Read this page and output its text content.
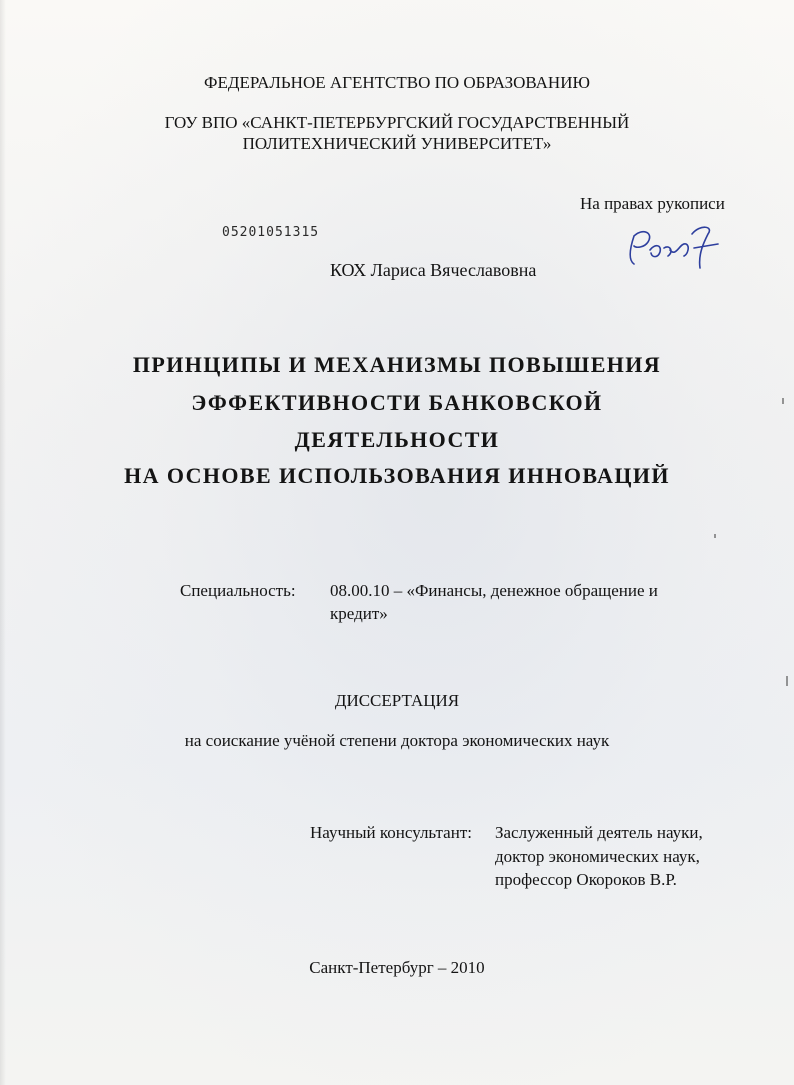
ФЕДЕРАЛЬНОЕ АГЕНТСТВО ПО ОБРАЗОВАНИЮ
ГОУ ВПО «САНКТ-ПЕТЕРБУРГСКИЙ ГОСУДАРСТВЕННЫЙ
ПОЛИТЕХНИЧЕСКИЙ УНИВЕРСИТЕТ»
На правах рукописи
05201051315
КОХ Лариса Вячеславовна
ПРИНЦИПЫ И МЕХАНИЗМЫ ПОВЫШЕНИЯ
ЭФФЕКТИВНОСТИ БАНКОВСКОЙ
ДЕЯТЕЛЬНОСТИ
НА ОСНОВЕ ИСПОЛЬЗОВАНИЯ ИННОВАЦИЙ
Специальность: 08.00.10 – «Финансы, денежное обращение и
кредит»
ДИССЕРТАЦИЯ
на соискание учёной степени доктора экономических наук
Научный консультант: Заслуженный деятель науки,
доктор экономических наук,
профессор Окороков В.Р.
Санкт-Петербург – 2010
